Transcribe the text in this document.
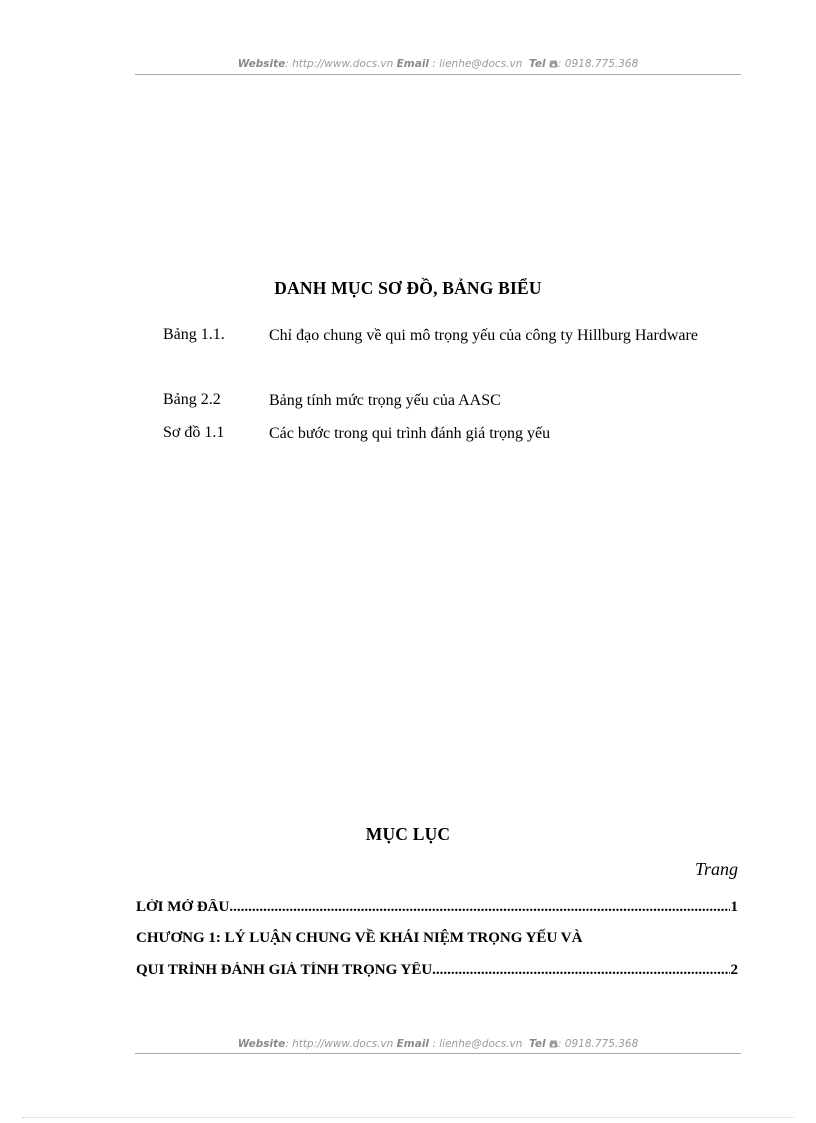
Website: http://www.docs.vn Email : lienhe@docs.vn Tel : 0918.775.368
DANH MỤC SƠ ĐỒ, BẢNG BIỂU
Bảng 1.1.	Chỉ đạo chung về qui mô trọng yếu của công ty Hillburg Hardware
Bảng 2.2	Bảng tính mức trọng yếu của AASC
Sơ đồ 1.1	Các bước trong qui trình đánh giá trọng yếu
MỤC LỤC
Trang
LỜI MỞ ĐẦU .....	1
CHƯƠNG 1: LÝ LUẬN CHUNG VỀ KHÁI NIỆM TRỌNG YẾU VÀ
QUI TRÌNH ĐÁNH GIÁ TÍNH TRỌNG YẾU .....	2
Website: http://www.docs.vn Email : lienhe@docs.vn Tel : 0918.775.368
